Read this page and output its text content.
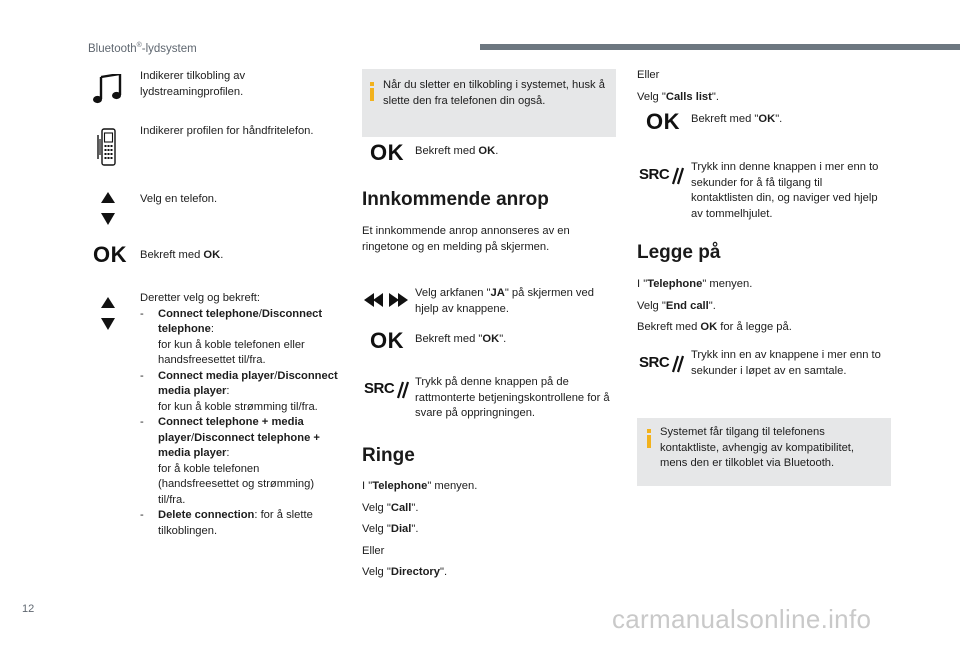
Bluetooth®-lydsystem
Indikerer tilkobling av lydstreamingprofilen.
Indikerer profilen for håndfritelefon.
Velg en telefon.
OK Bekreft med OK.
Deretter velg og bekreft:
- Connect telephone/Disconnect telephone:
for kun å koble telefonen eller handsfreesettet til/fra.
- Connect media player/Disconnect media player:
for kun å koble strømming til/fra.
- Connect telephone + media player/Disconnect telephone + media player:
for å koble telefonen (handsfreesettet og strømming) til/fra.
- Delete connection: for å slette tilkoblingen.
Når du sletter en tilkobling i systemet, husk å slette den fra telefonen din også.
OK Bekreft med OK.
Innkommende anrop
Et innkommende anrop annonseres av en ringetone og en melding på skjermen.
Velg arkfanen "JA" på skjermen ved hjelp av knappene.
OK Bekreft med "OK".
SRC Trykk på denne knappen på de rattmonterte betjeningskontrollene for å svare på oppringningen.
Ringe
I "Telephone" menyen.
Velg "Call".
Velg "Dial".
Eller
Velg "Directory".
Eller
Velg "Calls list".
OK Bekreft med "OK".
SRC Trykk inn denne knappen i mer enn to sekunder for å få tilgang til kontaktlisten din, og naviger ved hjelp av tommelhjulet.
Legge på
I "Telephone" menyen.
Velg "End call".
Bekreft med OK for å legge på.
SRC Trykk inn en av knappene i mer enn to sekunder i løpet av en samtale.
Systemet får tilgang til telefonens kontaktliste, avhengig av kompatibilitet, mens den er tilkoblet via Bluetooth.
12	carmanualsonline.info
